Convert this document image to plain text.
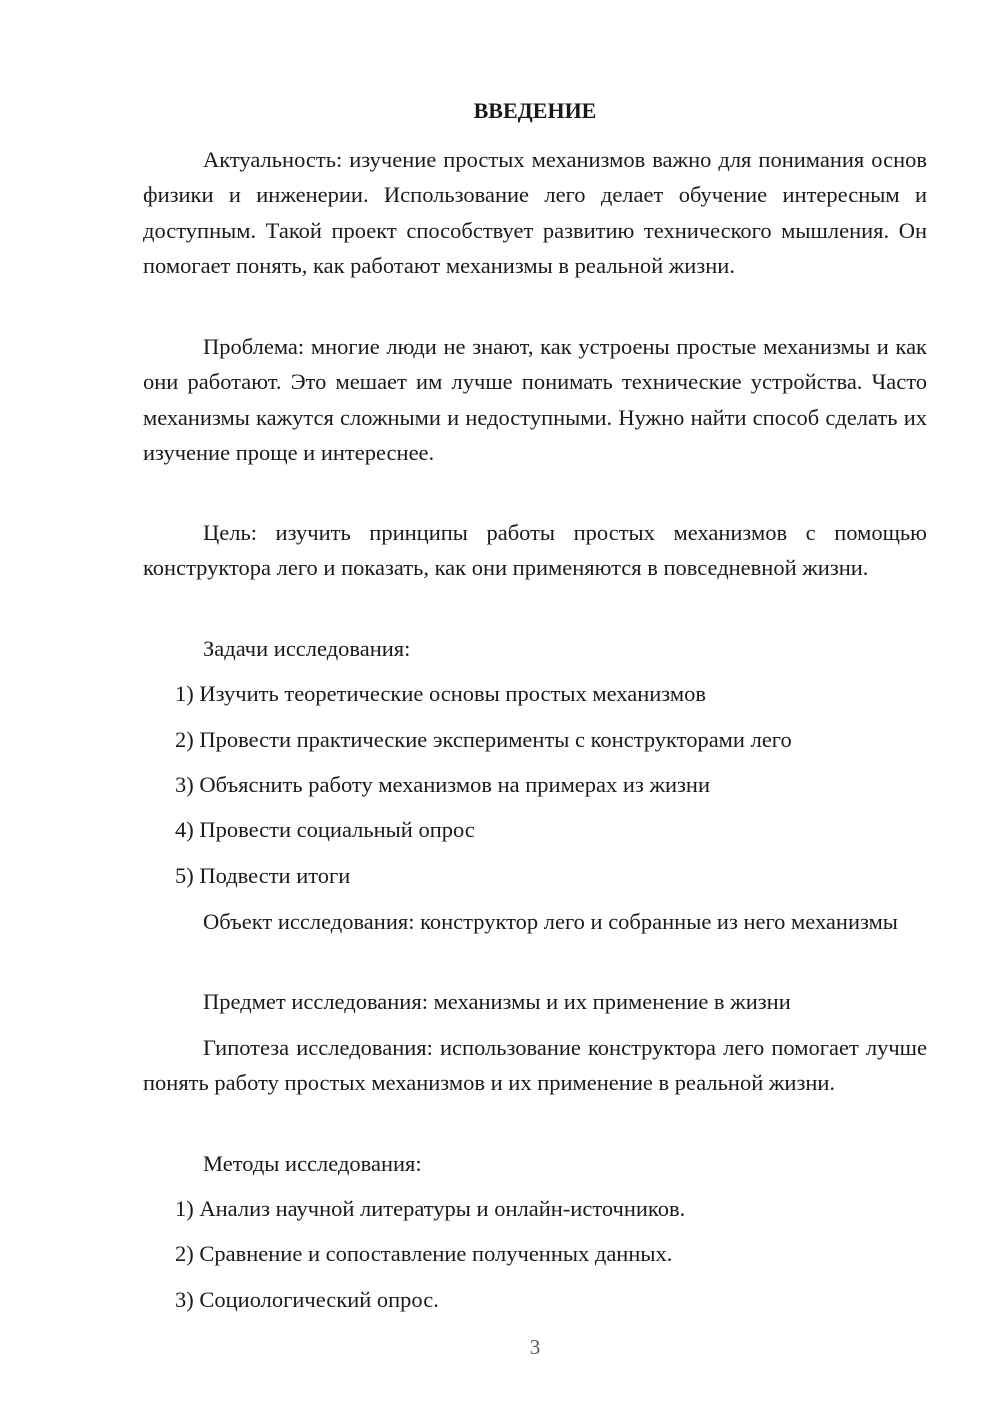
ВВЕДЕНИЕ

Актуальность: изучение простых механизмов важно для понимания основ физики и инженерии. Использование лего делает обучение интересным и доступным. Такой проект способствует развитию технического мышления. Он помогает понять, как работают механизмы в реальной жизни.

Проблема: многие люди не знают, как устроены простые механизмы и как они работают. Это мешает им лучше понимать технические устройства. Часто механизмы кажутся сложными и недоступными. Нужно найти способ сделать их изучение проще и интереснее.

Цель: изучить принципы работы простых механизмов с помощью конструктора лего и показать, как они применяются в повседневной жизни.

Задачи исследования:

1) Изучить теоретические основы простых механизмов

2) Провести практические эксперименты с конструкторами лего

3) Объяснить работу механизмов на примерах из жизни

4) Провести социальный опрос

5) Подвести итоги

Объект исследования: конструктор лего и собранные из него механизмы

Предмет исследования: механизмы и их применение в жизни

Гипотеза исследования: использование конструктора лего помогает лучше понять работу простых механизмов и их применение в реальной жизни.

Методы исследования:

1) Анализ научной литературы и онлайн-источников.

2) Сравнение и сопоставление полученных данных.

3) Социологический опрос.

3
